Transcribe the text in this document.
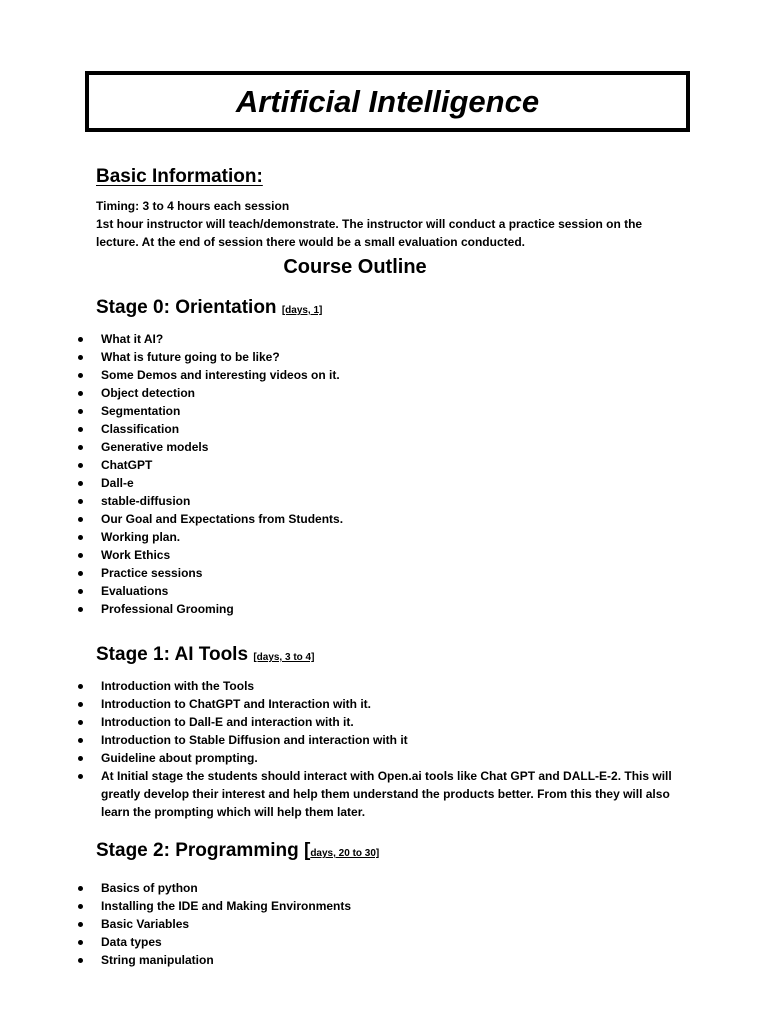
Artificial Intelligence
Basic Information:
Timing: 3 to 4 hours each session
1st hour instructor will teach/demonstrate. The instructor will conduct a practice session on the
lecture. At the end of session there would be a small evaluation conducted.
Course Outline
Stage 0: Orientation [days, 1]
What it AI?
What is future going to be like?
Some Demos and interesting videos on it.
Object detection
Segmentation
Classification
Generative models
ChatGPT
Dall-e
stable-diffusion
Our Goal and Expectations from Students.
Working plan.
Work Ethics
Practice sessions
Evaluations
Professional Grooming
Stage 1: AI Tools [days, 3 to 4]
Introduction with the Tools
Introduction to ChatGPT and Interaction with it.
Introduction to Dall-E and interaction with it.
Introduction to Stable Diffusion and interaction with it
Guideline about prompting.
At Initial stage the students should interact with Open.ai tools like Chat GPT and DALL-E-2. This will greatly develop their interest and help them understand the products better. From this they will also learn the prompting which will help them later.
Stage 2: Programming [days, 20 to 30]
Basics of python
Installing the IDE and Making Environments
Basic Variables
Data types
String manipulation
